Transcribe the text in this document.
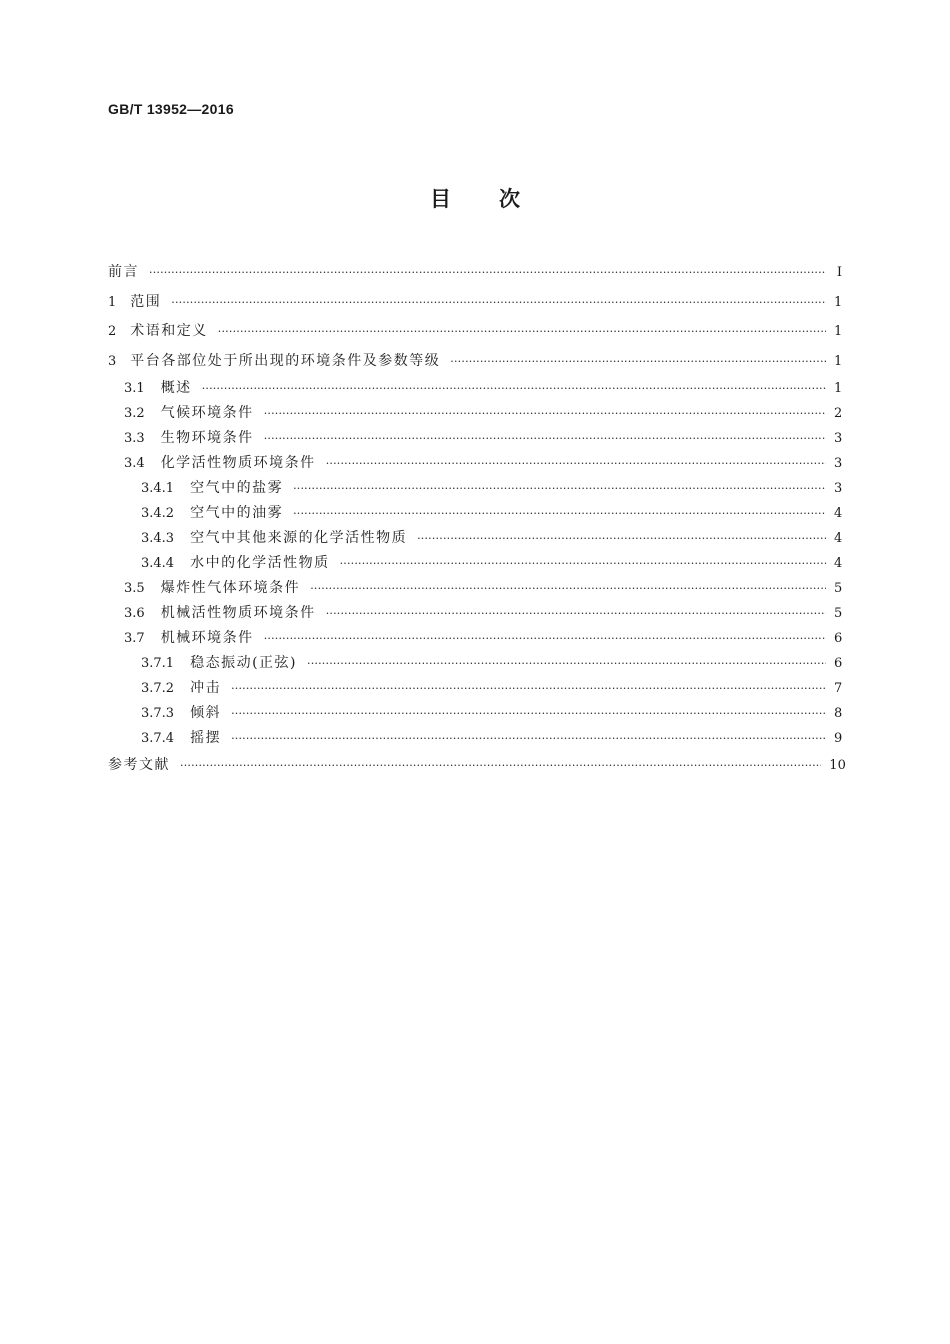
GB/T 13952—2016
目次
前言 ·····	Ⅰ
1 范围 ·····	1
2 术语和定义 ·····	1
3 平台各部位处于所出现的环境条件及参数等级 ·····	1
3.1 概述 ·····	1
3.2 气候环境条件 ·····	2
3.3 生物环境条件 ·····	3
3.4 化学活性物质环境条件 ·····	3
3.4.1 空气中的盐雾 ·····	3
3.4.2 空气中的油雾 ·····	4
3.4.3 空气中其他来源的化学活性物质 ·····	4
3.4.4 水中的化学活性物质 ·····	4
3.5 爆炸性气体环境条件 ·····	5
3.6 机械活性物质环境条件 ·····	5
3.7 机械环境条件 ·····	6
3.7.1 稳态振动(正弦) ·····	6
3.7.2 冲击 ·····	7
3.7.3 倾斜 ·····	8
3.7.4 摇摆 ·····	9
参考文献 ·····	10
